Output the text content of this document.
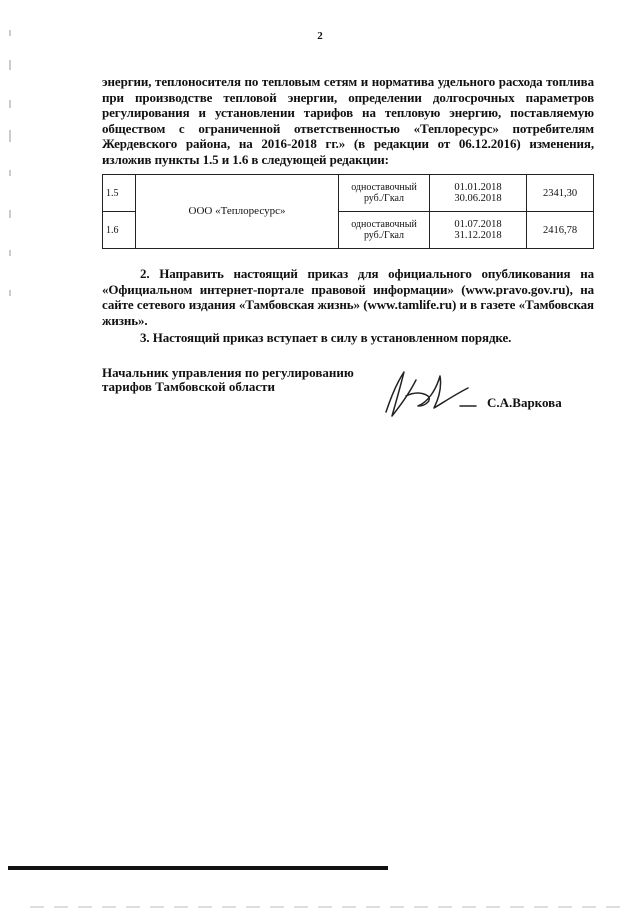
2
энергии, теплоносителя по тепловым сетям и норматива удельного расхода топлива при производстве тепловой энергии, определении долгосрочных параметров регулирования и установлении тарифов на тепловую энергию, поставляемую обществом с ограниченной ответственностью «Теплоресурс» потребителям Жердевского района, на 2016-2018 гг.» (в редакции от 06.12.2016) изменения, изложив пункты 1.5 и 1.6 в следующей редакции:
1.5	ООО «Теплоресурс»	одноставочный руб./Гкал	01.01.2018 30.06.2018	2341,30
1.6		одноставочный руб./Гкал	01.07.2018 31.12.2018	2416,78
2. Направить настоящий приказ для официального опубликования на «Официальном интернет-портале правовой информации» (www.pravo.gov.ru), на сайте сетевого издания «Тамбовская жизнь» (www.tamlife.ru) и в газете «Тамбовская жизнь».
3. Настоящий приказ вступает в силу в установленном порядке.
Начальник управления по регулированию
тарифов Тамбовской области
С.А.Варкова
